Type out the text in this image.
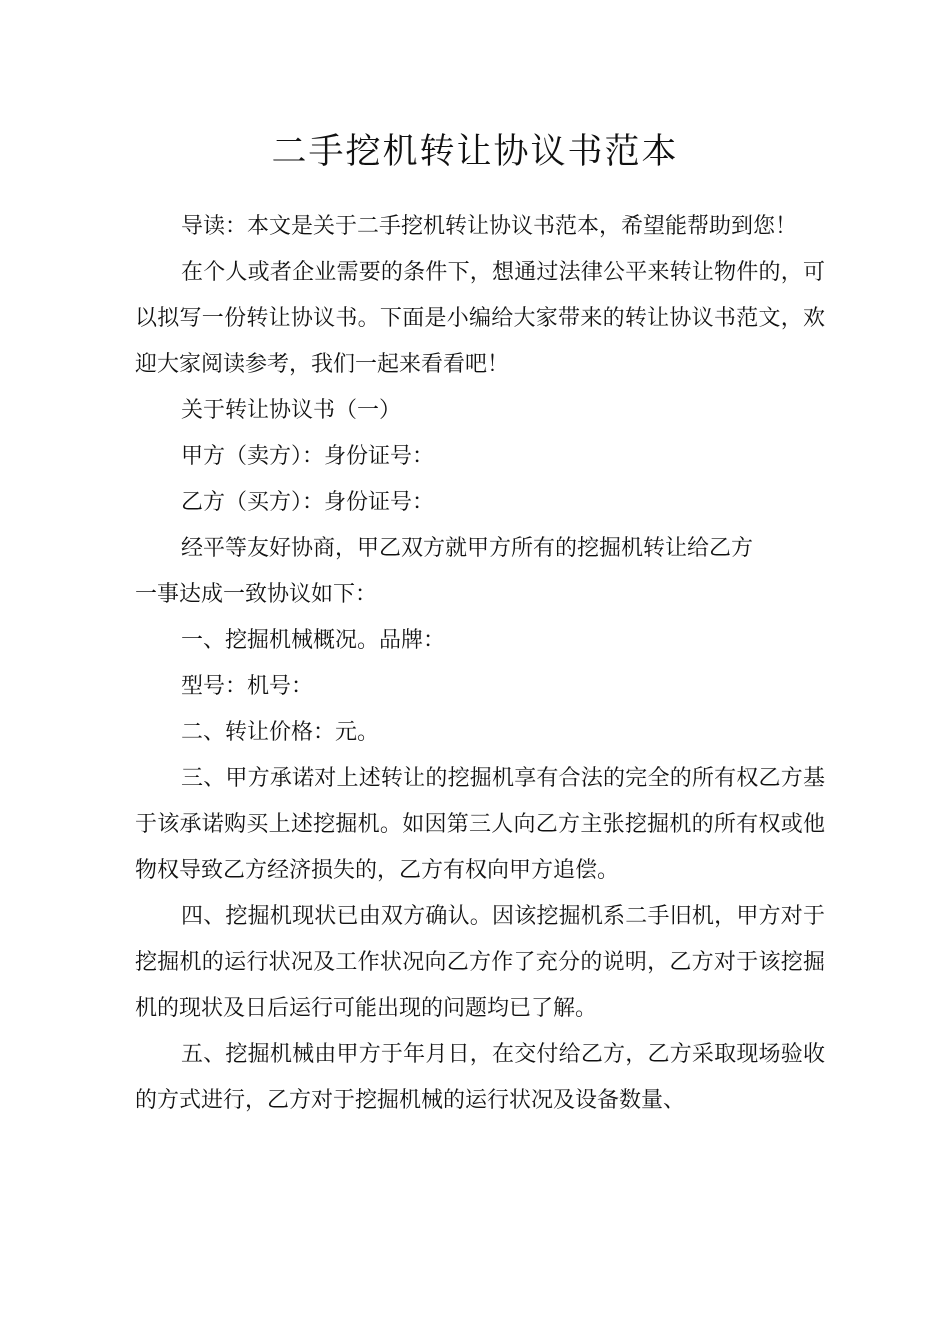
二手挖机转让协议书范本

导读：本文是关于二手挖机转让协议书范本，希望能帮助到您！

在个人或者企业需要的条件下，想通过法律公平来转让物件的，可以拟写一份转让协议书。下面是小编给大家带来的转让协议书范文，欢迎大家阅读参考，我们一起来看看吧！

关于转让协议书（一）

甲方（卖方）：身份证号：

乙方（买方）：身份证号：

经平等友好协商，甲乙双方就甲方所有的挖掘机转让给乙方

一事达成一致协议如下：

一、挖掘机械概况。品牌：

型号：机号：

二、转让价格：元。

三、甲方承诺对上述转让的挖掘机享有合法的完全的所有权乙方基于该承诺购买上述挖掘机。如因第三人向乙方主张挖掘机的所有权或他物权导致乙方经济损失的，乙方有权向甲方追偿。

四、挖掘机现状已由双方确认。因该挖掘机系二手旧机，甲方对于挖掘机的运行状况及工作状况向乙方作了充分的说明，乙方对于该挖掘机的现状及日后运行可能出现的问题均已了解。

五、挖掘机械由甲方于年月日，在交付给乙方，乙方采取现场验收的方式进行，乙方对于挖掘机械的运行状况及设备数量、
